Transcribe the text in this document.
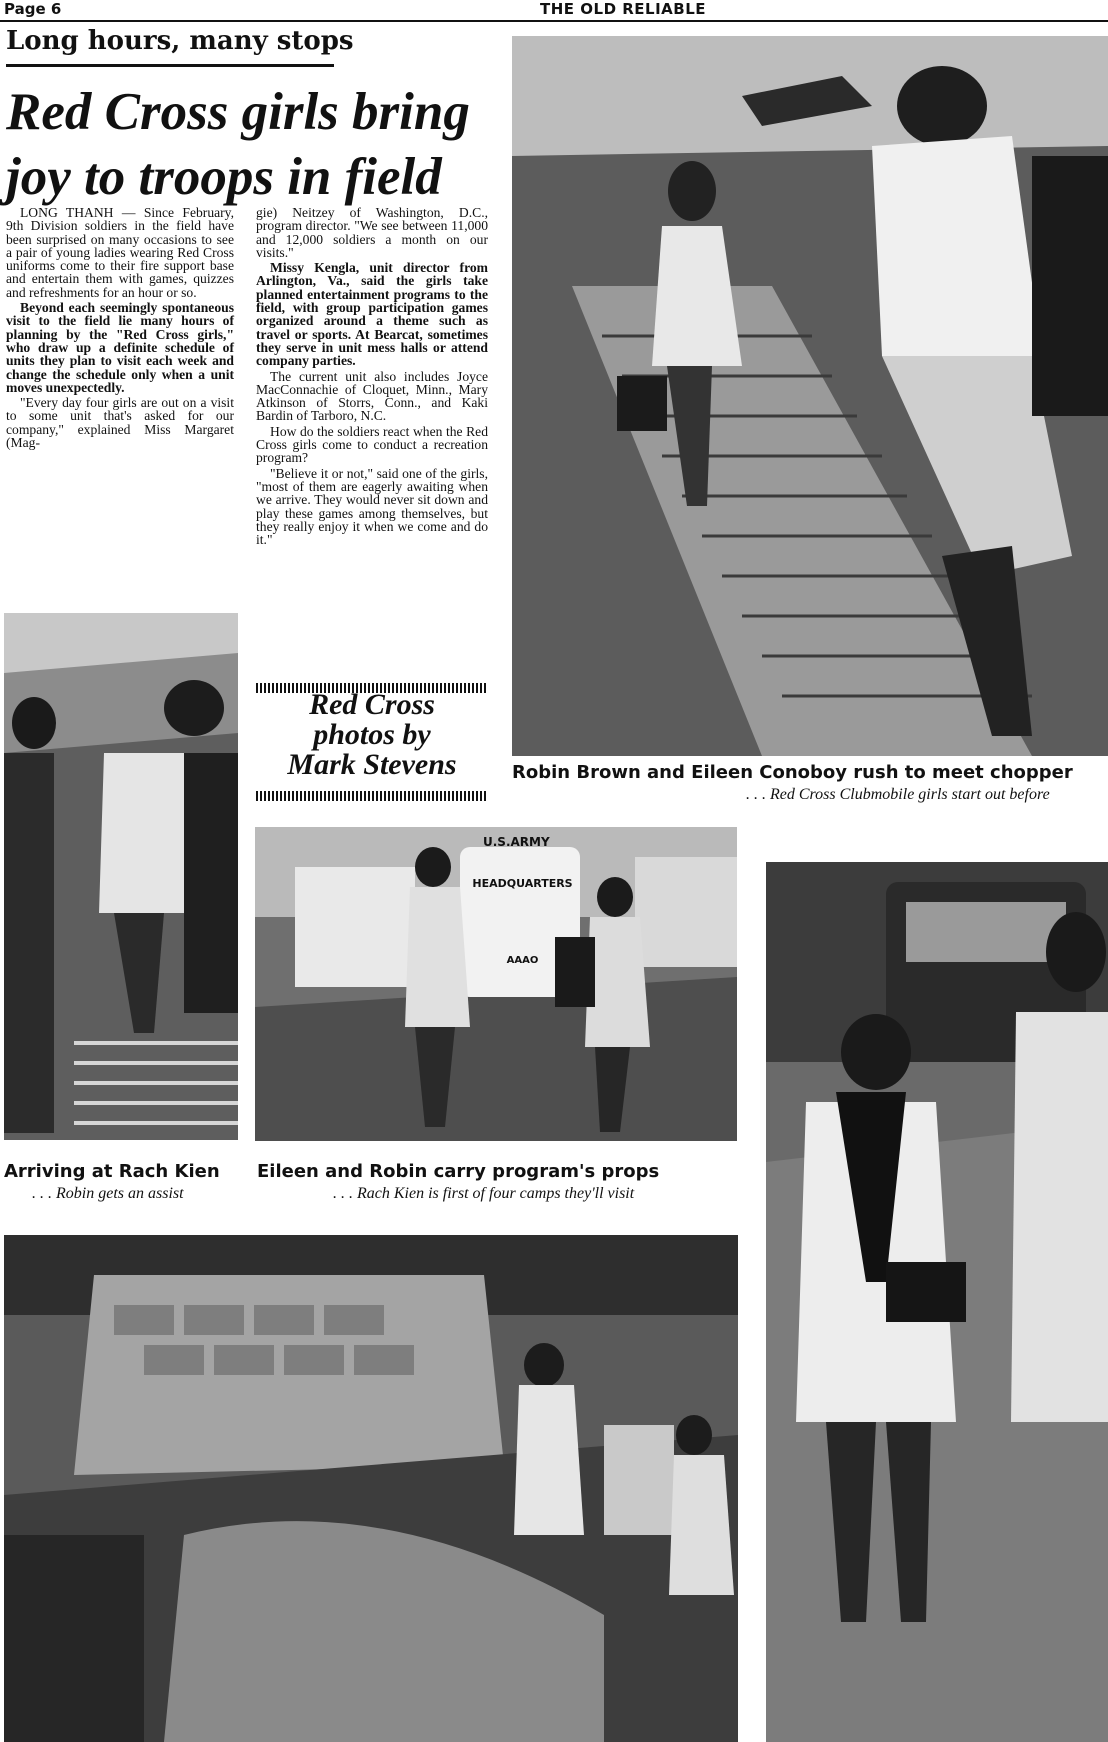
Page 6	THE OLD RELIABLE
Long hours, many stops
Red Cross girls bring
joy to troops in field

LONG THANH — Since February, 9th Division soldiers in the field have been surprised on many occasions to see a pair of young ladies wearing Red Cross uniforms come to their fire support base and entertain them with games, quizzes and refreshments for an hour or so.

Beyond each seemingly spontaneous visit to the field lie many hours of planning by the "Red Cross girls," who draw up a definite schedule of units they plan to visit each week and change the schedule only when a unit moves unexpectedly.

"Every day four girls are out on a visit to some unit that's asked for our company," explained Miss Margaret (Mag-

gie) Neitzey of Washington, D.C., program director. "We see between 11,000 and 12,000 soldiers a month on our visits."

Missy Kengla, unit director from Arlington, Va., said the girls take planned entertainment programs to the field, with group participation games organized around a theme such as travel or sports. At Bearcat, sometimes they serve in unit mess halls or attend company parties.

The current unit also includes Joyce MacConnachie of Cloquet, Minn., Mary Atkinson of Storrs, Conn., and Kaki Bardin of Tarboro, N.C.

How do the soldiers react when the Red Cross girls come to conduct a recreation program?

"Believe it or not," said one of the girls, "most of them are eagerly awaiting when we arrive. They would never sit down and play these games among themselves, but they really enjoy it when we come and do it."

Red Cross
photos by
Mark Stevens	Robin Brown and Eileen Conoboy rush to meet chopper
. . . Red Cross Clubmobile girls start out before
Arriving at Rach Kien
. . . Robin gets an assist
U.S.ARMY
HEADQUARTERS
AAAO
Eileen and Robin carry program's props
. . . Rach Kien is first of four camps they'll visit
